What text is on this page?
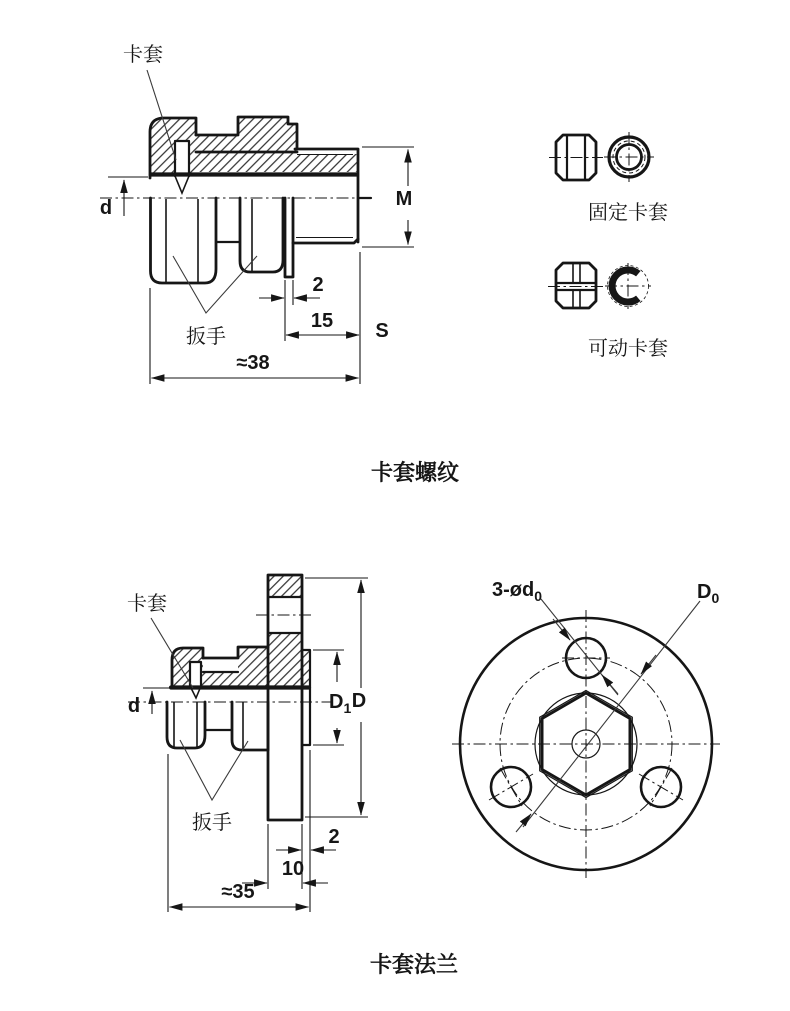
d	M
2
15
≈38
S
卡套
扳手
卡套螺纹
固定卡套
可动卡套
d	$D_1$ D
2
10
≈35
卡套
扳手
卡套法兰
$3-ød_0$	$D_0$
